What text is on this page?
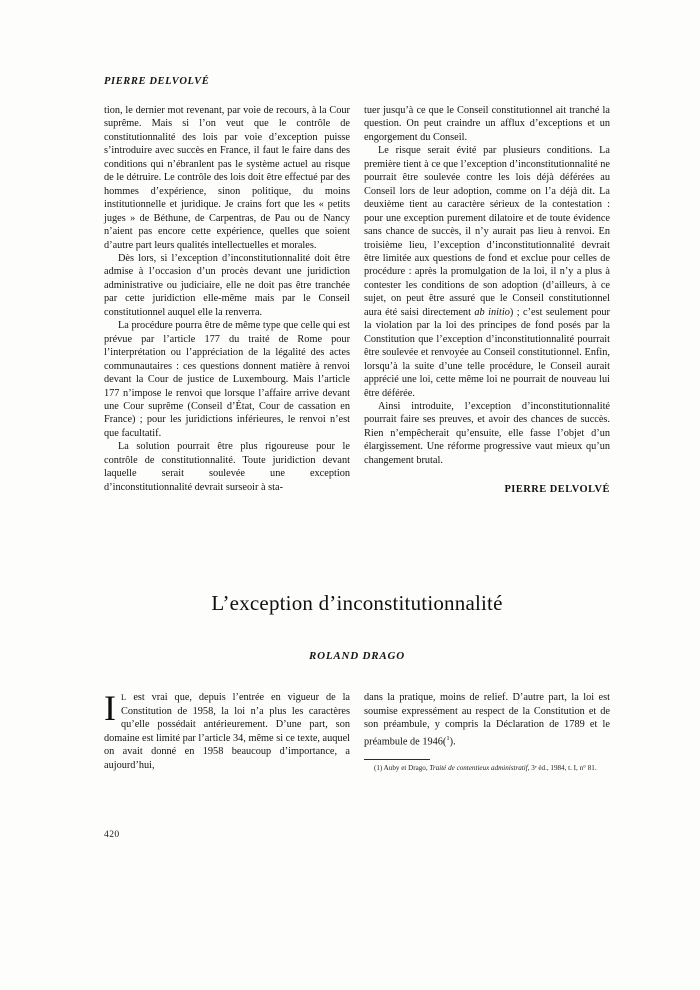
PIERRE DELVOLVÉ

tion, le dernier mot revenant, par voie de recours, à la Cour suprême. Mais si l’on veut que le contrôle de constitutionnalité des lois par voie d’exception puisse s’introduire avec succès en France, il faut le faire dans des conditions qui n’ébranlent pas le système actuel au risque de le détruire. Le contrôle des lois doit être effectué par des hommes d’expérience, sinon politique, du moins institutionnelle et juridique. Je crains fort que les « petits juges » de Béthune, de Carpentras, de Pau ou de Nancy n’aient pas encore cette expérience, quelles que soient d’autre part leurs qualités intellectuelles et morales.

Dès lors, si l’exception d’inconstitutionnalité doit être admise à l’occasion d’un procès devant une juridiction administrative ou judiciaire, elle ne doit pas être tranchée par cette juridiction elle-même mais par le Conseil constitutionnel auquel elle la renverra.

La procédure pourra être de même type que celle qui est prévue par l’article 177 du traité de Rome pour l’interprétation ou l’appréciation de la légalité des actes communautaires : ces questions donnent matière à renvoi devant la Cour de justice de Luxembourg. Mais l’article 177 n’impose le renvoi que lorsque l’affaire arrive devant une Cour suprême (Conseil d’État, Cour de cassation en France) ; pour les juridictions inférieures, le renvoi n’est que facultatif.

La solution pourrait être plus rigoureuse pour le contrôle de constitutionnalité. Toute juridiction devant laquelle serait soulevée une exception d’inconstitutionnalité devrait surseoir à sta-

tuer jusqu’à ce que le Conseil constitutionnel ait tranché la question. On peut craindre un afflux d’exceptions et un engorgement du Conseil.

Le risque serait évité par plusieurs conditions. La première tient à ce que l’exception d’inconstitutionnalité ne pourrait être soulevée contre les lois déjà déférées au Conseil lors de leur adoption, comme on l’a déjà dit. La deuxième tient au caractère sérieux de la contestation : pour une exception purement dilatoire et de toute évidence sans chance de succès, il n’y aurait pas lieu à renvoi. En troisième lieu, l’exception d’inconstitutionnalité devrait être limitée aux questions de fond et exclue pour celles de procédure : après la promulgation de la loi, il n’y a plus à contester les conditions de son adoption (d’ailleurs, à ce sujet, on peut être assuré que le Conseil constitutionnel aura été saisi directement ab initio) ; c’est seulement pour la violation par la loi des principes de fond posés par la Constitution que l’exception d’inconstitutionnalité pourrait être soulevée et renvoyée au Conseil constitutionnel. Enfin, lorsqu’à la suite d’une telle procédure, le Conseil aurait apprécié une loi, cette même loi ne pourrait de nouveau lui être déférée.

Ainsi introduite, l’exception d’inconstitutionnalité pourrait faire ses preuves, et avoir des chances de succès. Rien n’empêcherait qu’ensuite, elle fasse l’objet d’un élargissement. Une réforme progressive vaut mieux qu’un changement brutal.

PIERRE DELVOLVÉ
L’exception d’inconstitutionnalité
ROLAND DRAGO

I L est vrai que, depuis l’entrée en vigueur de la Constitution de 1958, la loi n’a plus les caractères qu’elle possédait antérieurement. D’une part, son domaine est limité par l’article 34, même si ce texte, auquel on avait donné en 1958 beaucoup d’importance, a aujourd’hui,

dans la pratique, moins de relief. D’autre part, la loi est soumise expressément au respect de la Constitution et de son préambule, y compris la Déclaration de 1789 et le préambule de 1946($^1$).

(1) Auby et Drago, Traité de contentieux administratif, 3ᵉ éd., 1984, t. I, n° 81.

420
